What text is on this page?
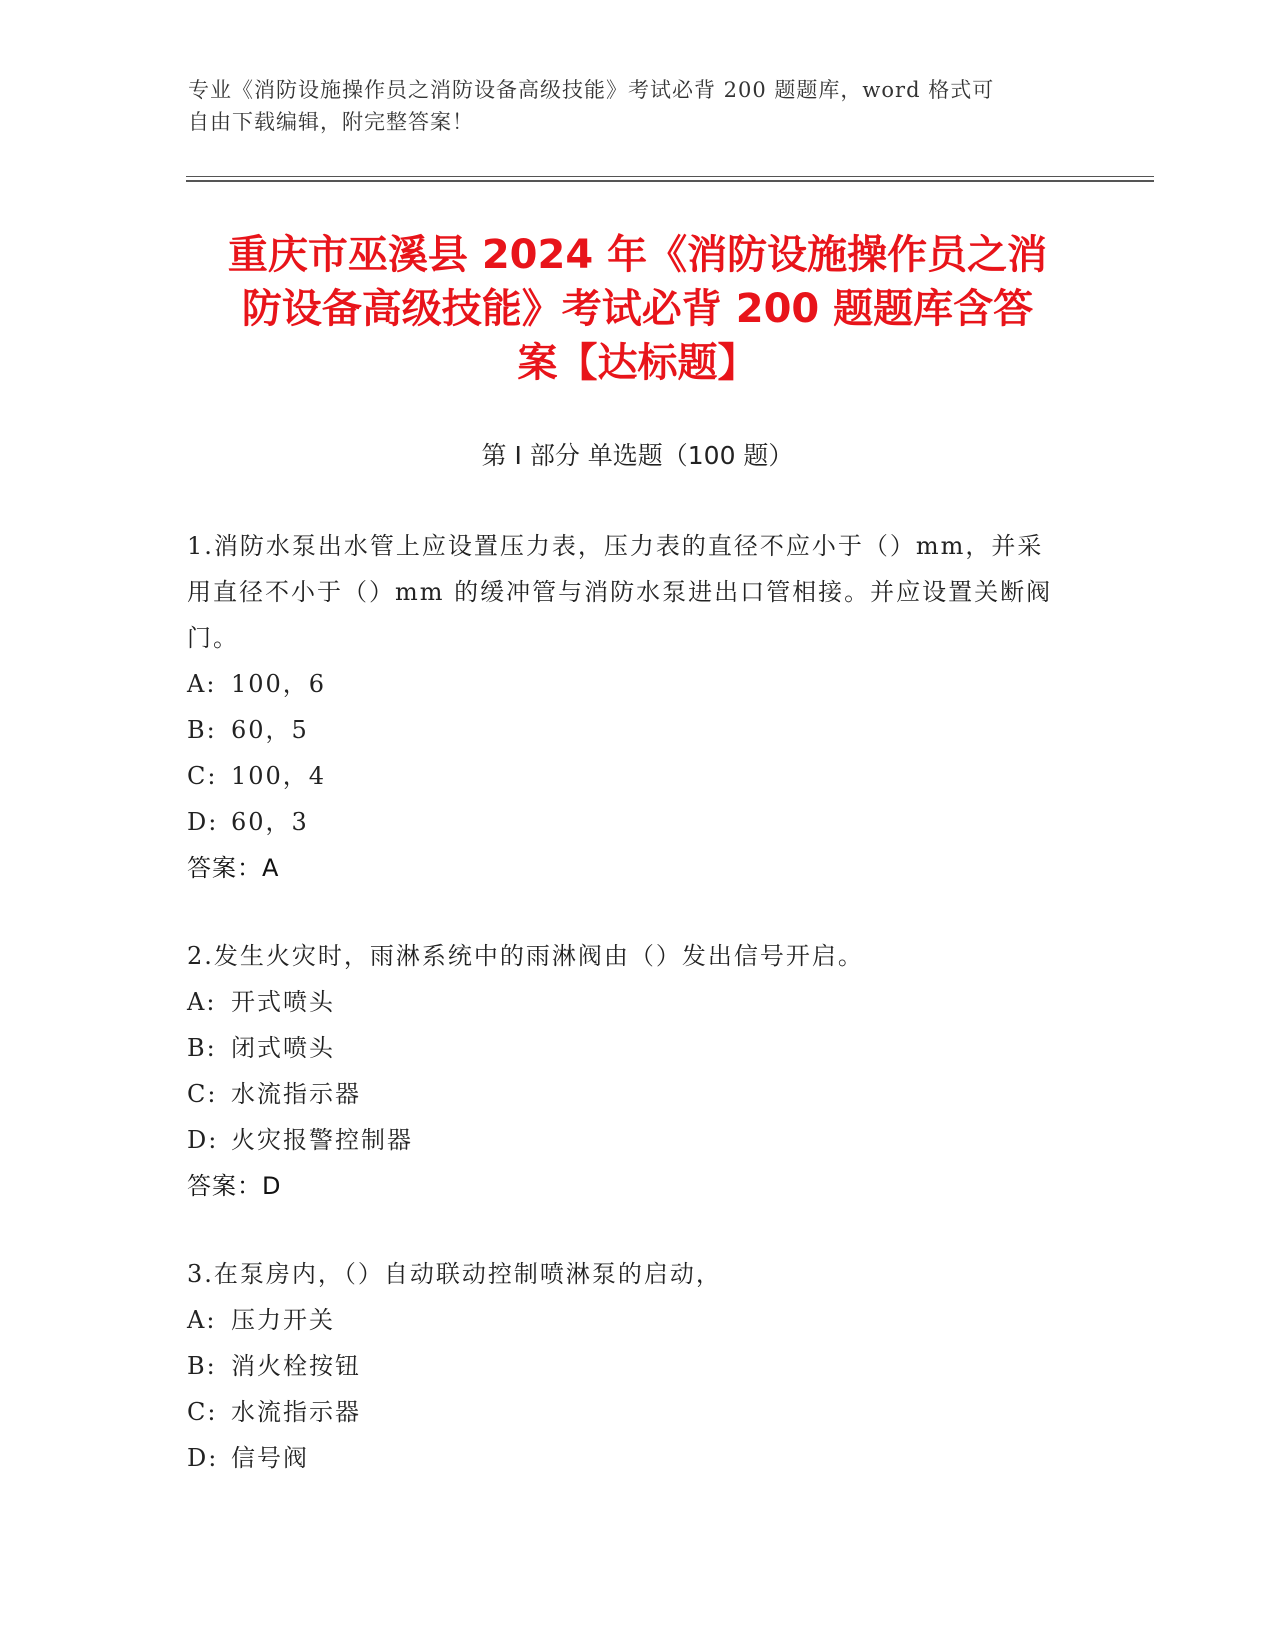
专业《消防设施操作员之消防设备高级技能》考试必背 200 题题库，word 格式可
自由下载编辑，附完整答案！
重庆市巫溪县 2024 年《消防设施操作员之消
防设备高级技能》考试必背 200 题题库含答
案【达标题】
第 I 部分 单选题（100 题）
1.消防水泵出水管上应设置压力表，压力表的直径不应小于（）mm，并采用直径不小于（）mm 的缓冲管与消防水泵进出口管相接。并应设置关断阀门。
A: 100，6
B: 60，5
C: 100，4
D: 60，3
答案：A
2.发生火灾时，雨淋系统中的雨淋阀由（）发出信号开启。
A: 开式喷头
B: 闭式喷头
C: 水流指示器
D: 火灾报警控制器
答案：D
3.在泵房内，（）自动联动控制喷淋泵的启动，
A: 压力开关
B: 消火栓按钮
C: 水流指示器
D: 信号阀
